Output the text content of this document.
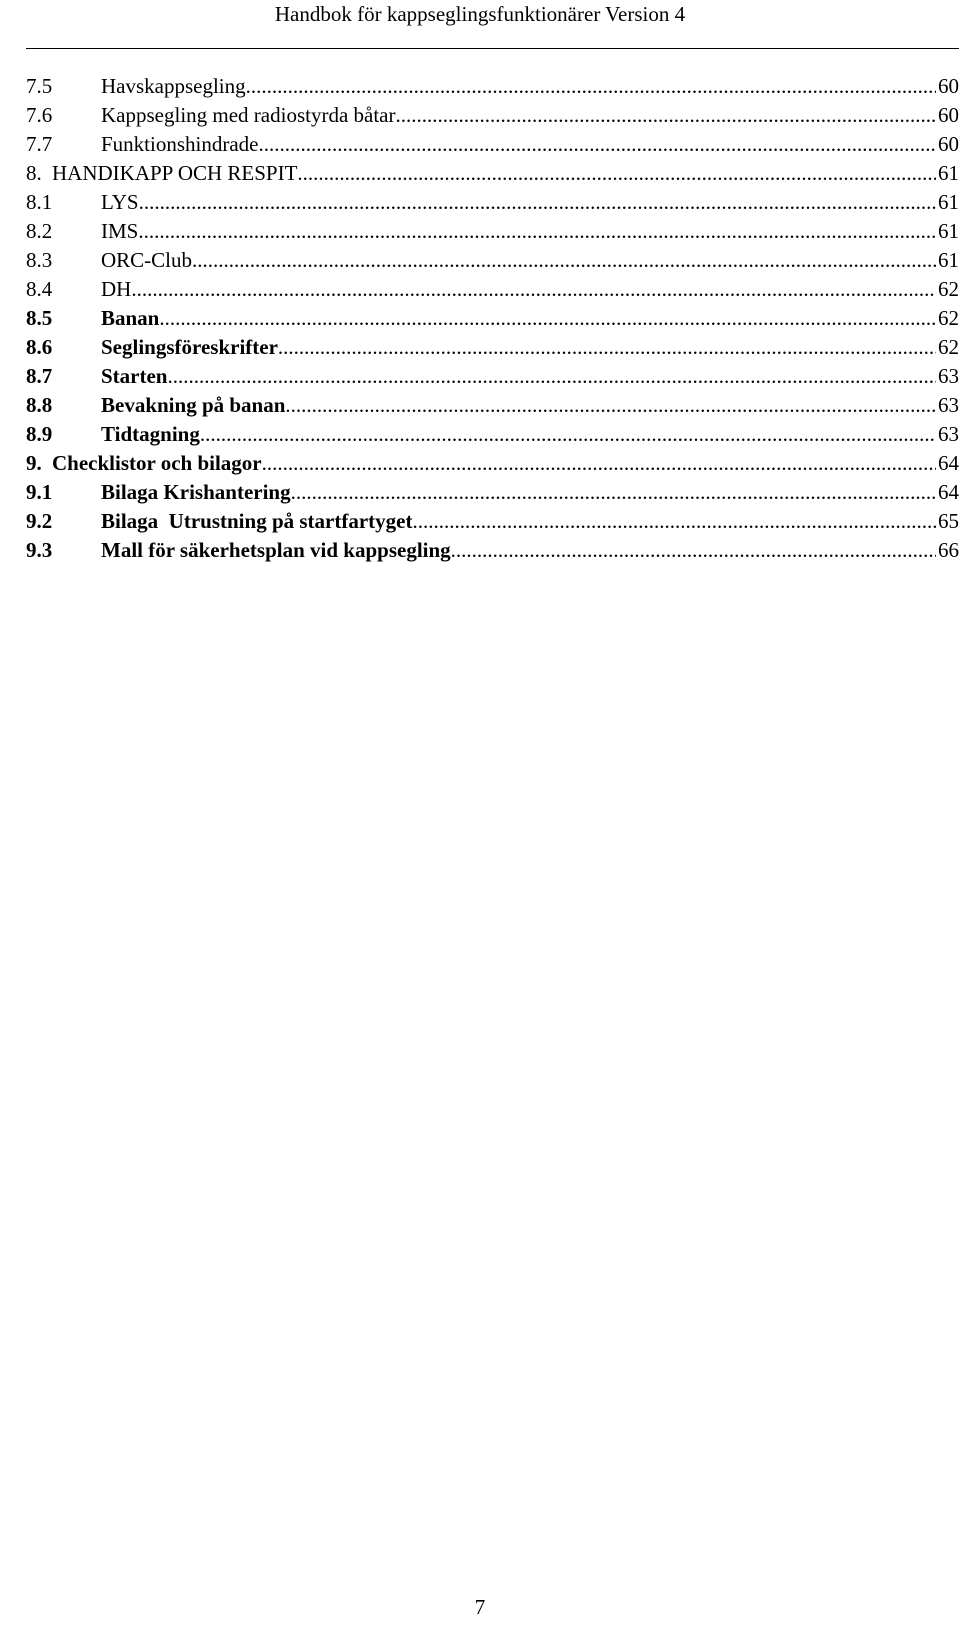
Handbok för kappseglingsfunktionärer Version 4
7.5	Havskappsegling .....	60
7.6	Kappsegling med radiostyrda båtar .....	60
7.7	Funktionshindrade .....	60
8. HANDIKAPP OCH RESPIT .....	61
8.1	LYS .....	61
8.2	IMS .....	61
8.3	ORC-Club .....	61
8.4	DH .....	62
8.5	Banan .....	62
8.6	Seglingsföreskrifter .....	62
8.7	Starten .....	63
8.8	Bevakning på banan .....	63
8.9	Tidtagning .....	63
9. Checklistor och bilagor .....	64
9.1	Bilaga Krishantering .....	64
9.2	Bilaga  Utrustning på startfartyget .....	65
9.3	Mall för säkerhetsplan vid kappsegling .....	66
7
